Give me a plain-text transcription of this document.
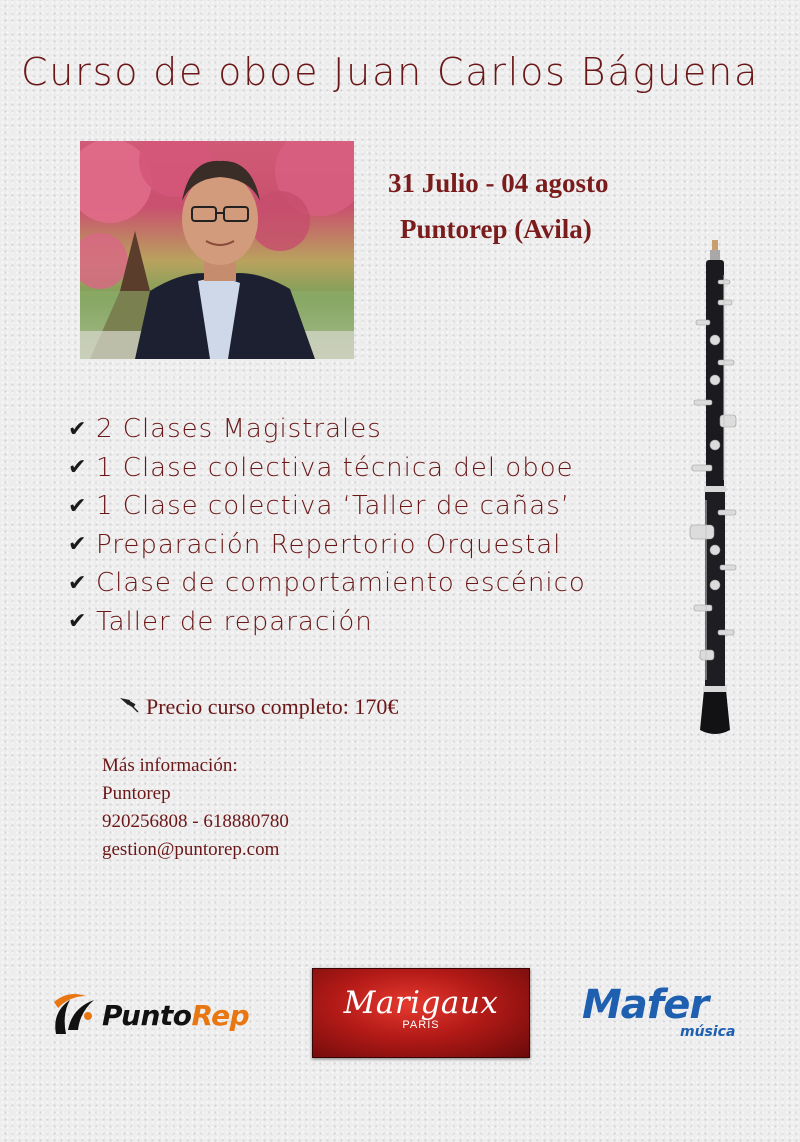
Curso de oboe Juan Carlos Báguena
31 Julio - 04 agosto
Puntorep (Avila)
✔ 2 Clases Magistrales
✔ 1 Clase colectiva técnica del oboe
✔ 1 Clase colectiva ‘Taller de cañas’
✔ Preparación Repertorio Orquestal
✔ Clase de comportamiento escénico
✔ Taller de reparación
Precio curso completo: 170€
Más información:
Puntorep
920256808 - 618880780
gestion@puntorep.com
PuntoRep	Marigaux
PARIS	Mafer
música
